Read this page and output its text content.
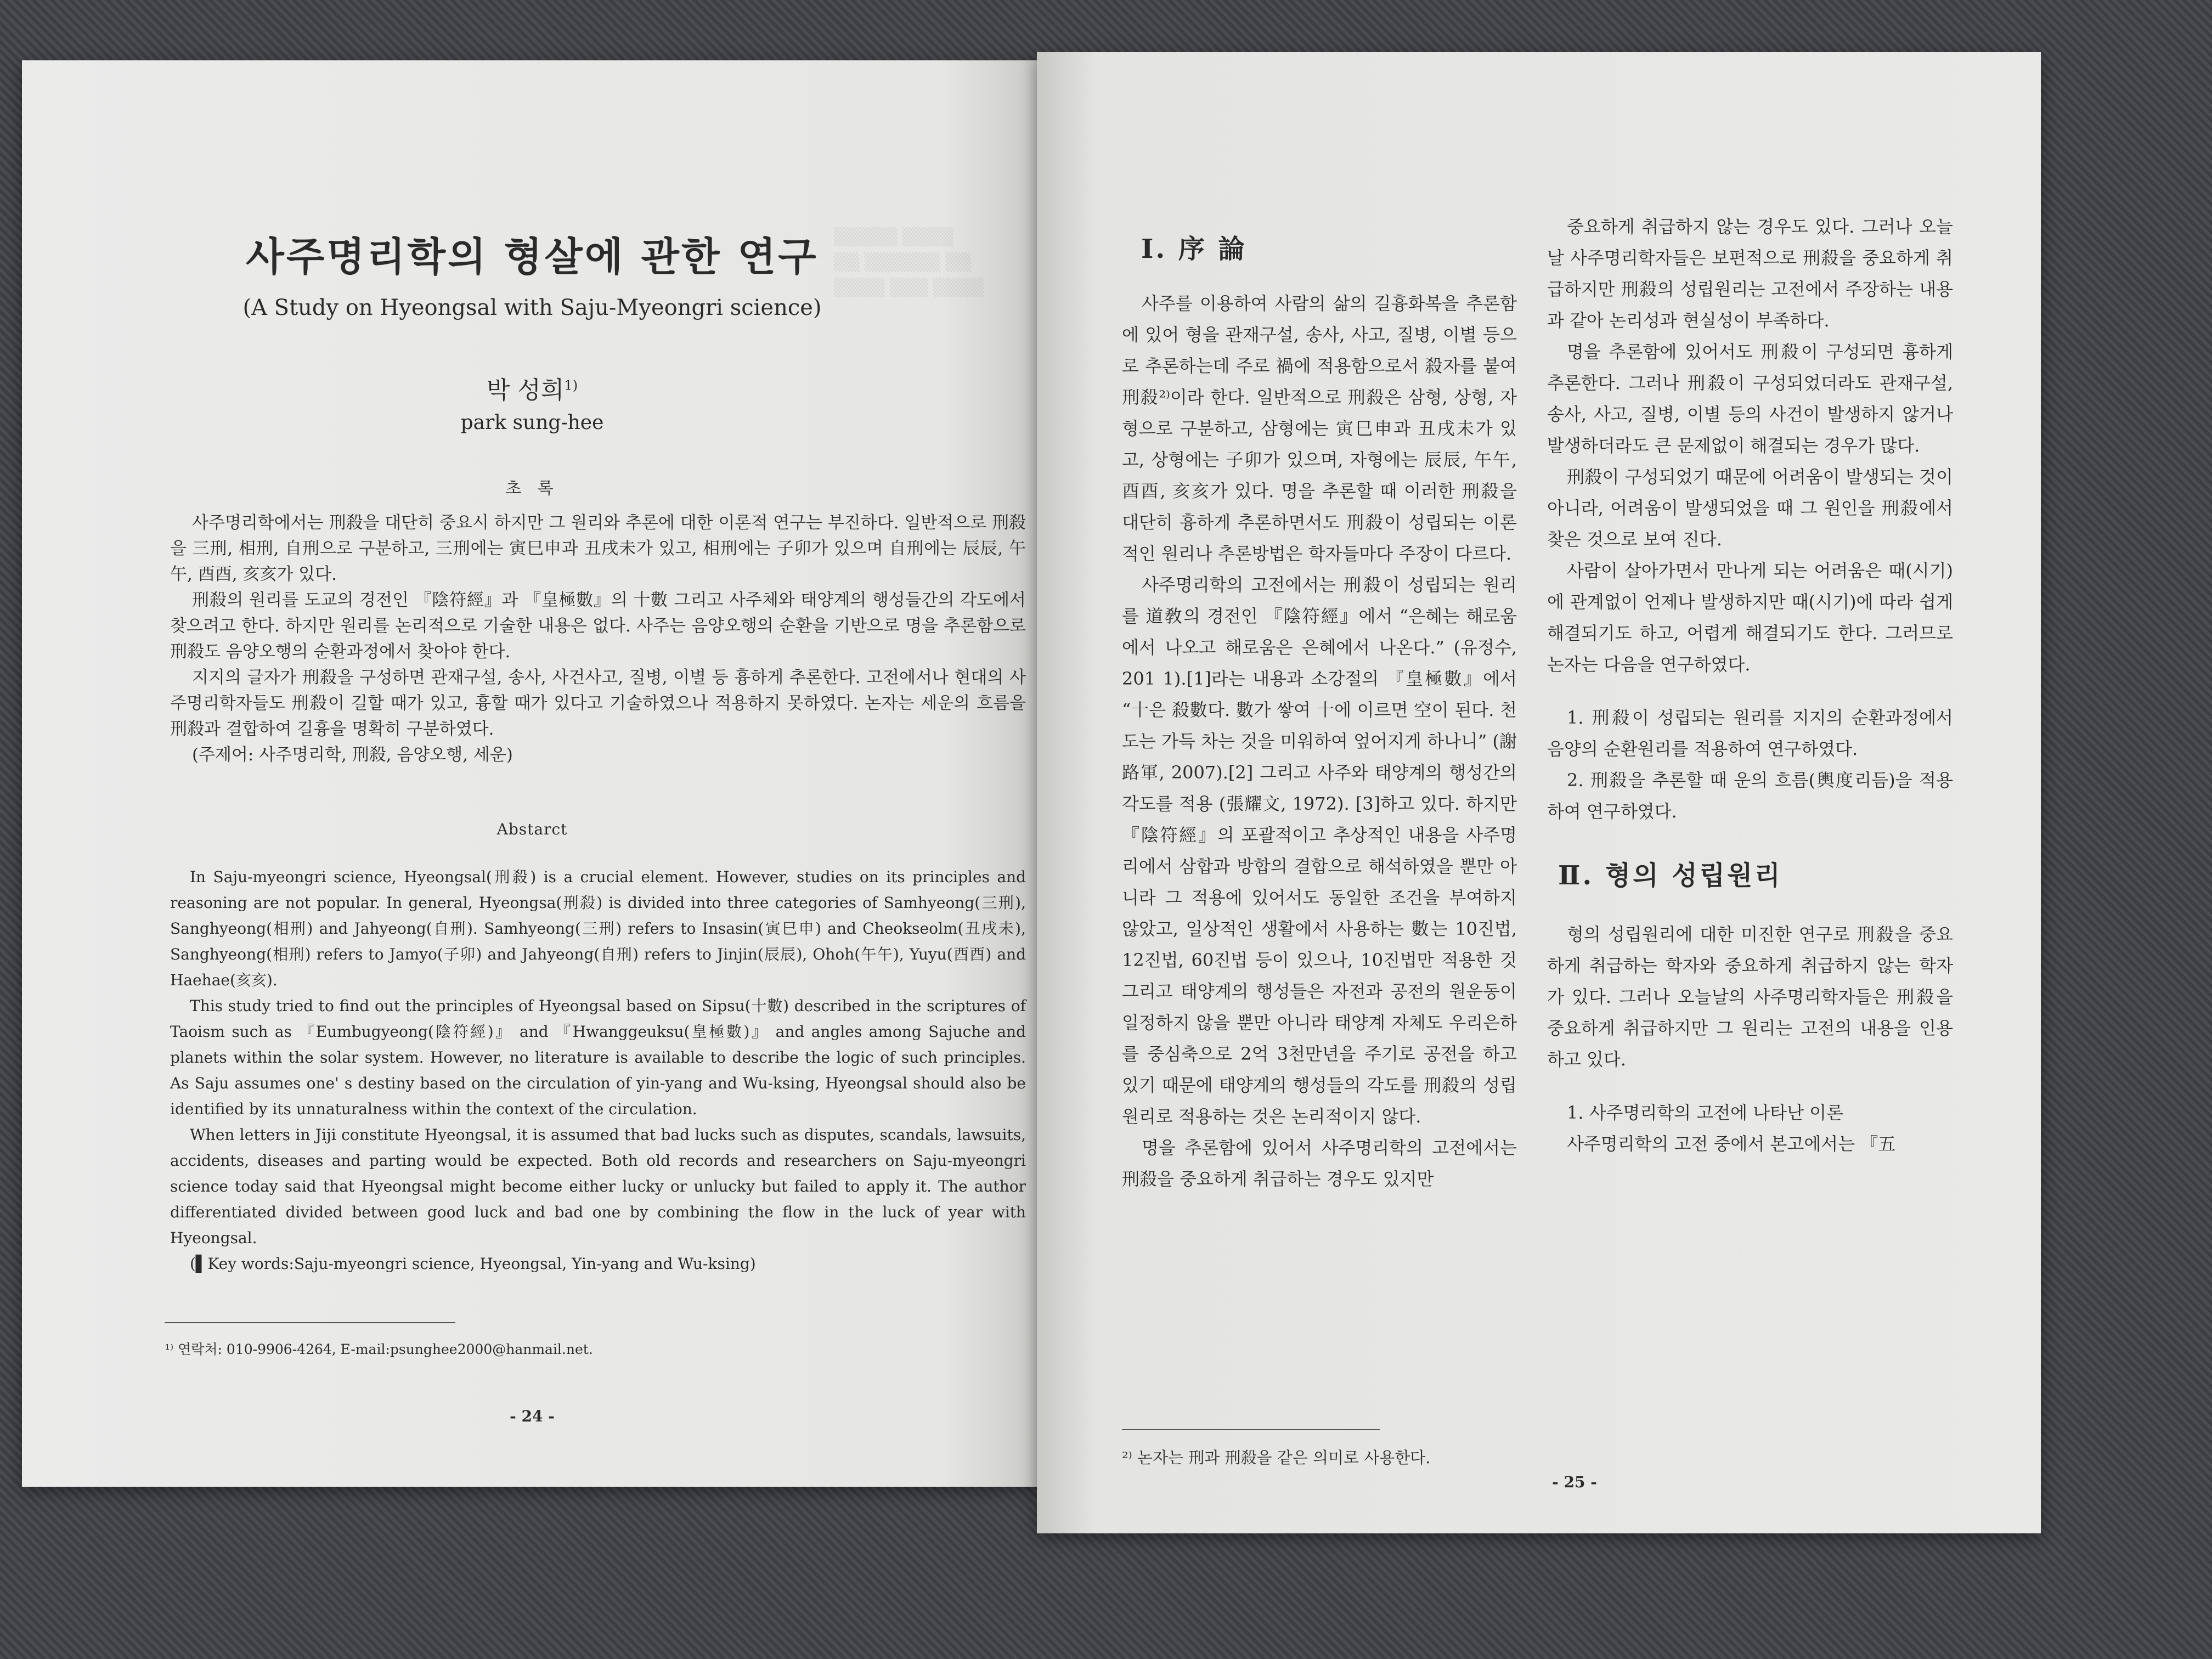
▒▒▒▒▒ ▒▒▒▒
▒▒ ▒▒▒▒▒▒ ▒▒
▒▒▒▒ ▒▒▒ ▒▒▒▒
사주명리학의 형살에 관한 연구
(A Study on Hyeongsal with Saju-Myeongri science)
박 성희$^{1)}$
park sung-hee
초 록

사주명리학에서는 刑殺을 대단히 중요시 하지만 그 원리와 추론에 대한 이론적 연구는 부진하다. 일반적으로 刑殺을 三刑, 相刑, 自刑으로 구분하고, 三刑에는 寅巳申과 丑戌未가 있고, 相刑에는 子卯가 있으며 自刑에는 辰辰, 午午, 酉酉, 亥亥가 있다.

刑殺의 원리를 도교의 경전인 『陰符經』과 『皇極數』의 十數 그리고 사주체와 태양계의 행성들간의 각도에서 찾으려고 한다. 하지만 원리를 논리적으로 기술한 내용은 없다. 사주는 음양오행의 순환을 기반으로 명을 추론함으로 刑殺도 음양오행의 순환과정에서 찾아야 한다.

지지의 글자가 刑殺을 구성하면 관재구설, 송사, 사건사고, 질병, 이별 등 흉하게 추론한다. 고전에서나 현대의 사주명리학자들도 刑殺이 길할 때가 있고, 흉할 때가 있다고 기술하였으나 적용하지 못하였다. 논자는 세운의 흐름을 刑殺과 결합하여 길흉을 명확히 구분하였다.

(주제어: 사주명리학, 刑殺, 음양오행, 세운)

Abstarct

In Saju-myeongri science, Hyeongsal(刑殺) is a crucial element. However, studies on its principles and reasoning are not popular. In general, Hyeongsa(刑殺) is divided into three categories of Samhyeong(三刑), Sanghyeong(相刑) and Jahyeong(自刑). Samhyeong(三刑) refers to Insasin(寅巳申) and Cheokseolm(丑戌未), Sanghyeong(相刑) refers to Jamyo(子卯) and Jahyeong(自刑) refers to Jinjin(辰辰), Ohoh(午午), Yuyu(酉酉) and Haehae(亥亥).

This study tried to find out the principles of Hyeongsal based on Sipsu(十數) described in the scriptures of Taoism such as 『Eumbugyeong(陰符經)』 and 『Hwanggeuksu(皇極數)』 and angles among Sajuche and planets within the solar system. However, no literature is available to describe the logic of such principles. As Saju assumes one' s destiny based on the circulation of yin-yang and Wu-ksing, Hyeongsal should also be identified by its unnaturalness within the context of the circulation.

When letters in Jiji constitute Hyeongsal, it is assumed that bad lucks such as disputes, scandals, lawsuits, accidents, diseases and parting would be expected. Both old records and researchers on Saju-myeongri science today said that Hyeongsal might become either lucky or unlucky but failed to apply it. The author differentiated divided between good luck and bad one by combining the flow in the luck of year with Hyeongsal.

(▌Key words:Saju-myeongri science, Hyeongsal, Yin-yang and Wu-ksing)

¹⁾ 연락처: 010-9906-4264, E-mail:psunghee2000@hanmail.net.
- 24 -
Ⅰ. 序 論

사주를 이용하여 사람의 삶의 길흉화복을 추론함에 있어 형을 관재구설, 송사, 사고, 질병, 이별 등으로 추론하는데 주로 禍에 적용함으로서 殺자를 붙여 刑殺²⁾이라 한다. 일반적으로 刑殺은 삼형, 상형, 자형으로 구분하고, 삼형에는 寅巳申과 丑戌未가 있고, 상형에는 子卯가 있으며, 자형에는 辰辰, 午午, 酉酉, 亥亥가 있다. 명을 추론할 때 이러한 刑殺을 대단히 흉하게 추론하면서도 刑殺이 성립되는 이론적인 원리나 추론방법은 학자들마다 주장이 다르다.

사주명리학의 고전에서는 刑殺이 성립되는 원리를 道敎의 경전인 『陰符經』에서 “은혜는 해로움에서 나오고 해로움은 은혜에서 나온다.” (유정수, 201 1).[1]라는 내용과 소강절의 『皇極數』에서 “十은 殺數다. 數가 쌓여 十에 이르면 空이 된다. 천도는 가득 차는 것을 미워하여 엎어지게 하나니” (謝路軍, 2007).[2] 그리고 사주와 태양계의 행성간의 각도를 적용 (張耀文, 1972). [3]하고 있다. 하지만 『陰符經』의 포괄적이고 추상적인 내용을 사주명리에서 삼합과 방합의 결합으로 해석하였을 뿐만 아니라 그 적용에 있어서도 동일한 조건을 부여하지 않았고, 일상적인 생활에서 사용하는 數는 10진법, 12진법, 60진법 등이 있으나, 10진법만 적용한 것 그리고 태양계의 행성들은 자전과 공전의 원운동이 일정하지 않을 뿐만 아니라 태양계 자체도 우리은하를 중심축으로 2억 3천만년을 주기로 공전을 하고 있기 때문에 태양계의 행성들의 각도를 刑殺의 성립원리로 적용하는 것은 논리적이지 않다.

명을 추론함에 있어서 사주명리학의 고전에서는 刑殺을 중요하게 취급하는 경우도 있지만

²⁾ 논자는 刑과 刑殺을 같은 의미로 사용한다.

중요하게 취급하지 않는 경우도 있다. 그러나 오늘날 사주명리학자들은 보편적으로 刑殺을 중요하게 취급하지만 刑殺의 성립원리는 고전에서 주장하는 내용과 같아 논리성과 현실성이 부족하다.

명을 추론함에 있어서도 刑殺이 구성되면 흉하게 추론한다. 그러나 刑殺이 구성되었더라도 관재구설, 송사, 사고, 질병, 이별 등의 사건이 발생하지 않거나 발생하더라도 큰 문제없이 해결되는 경우가 많다.

刑殺이 구성되었기 때문에 어려움이 발생되는 것이 아니라, 어려움이 발생되었을 때 그 원인을 刑殺에서 찾은 것으로 보여 진다.

사람이 살아가면서 만나게 되는 어려움은 때(시기)에 관계없이 언제나 발생하지만 때(시기)에 따라 쉽게 해결되기도 하고, 어렵게 해결되기도 한다. 그러므로 논자는 다음을 연구하였다.

1. 刑殺이 성립되는 원리를 지지의 순환과정에서 음양의 순환원리를 적용하여 연구하였다.

2. 刑殺을 추론할 때 운의 흐름(輿度리듬)을 적용하여 연구하였다.

Ⅱ. 형의 성립원리

형의 성립원리에 대한 미진한 연구로 刑殺을 중요하게 취급하는 학자와 중요하게 취급하지 않는 학자가 있다. 그러나 오늘날의 사주명리학자들은 刑殺을 중요하게 취급하지만 그 원리는 고전의 내용을 인용하고 있다.

1. 사주명리학의 고전에 나타난 이론

사주명리학의 고전 중에서 본고에서는 『五

- 25 -
